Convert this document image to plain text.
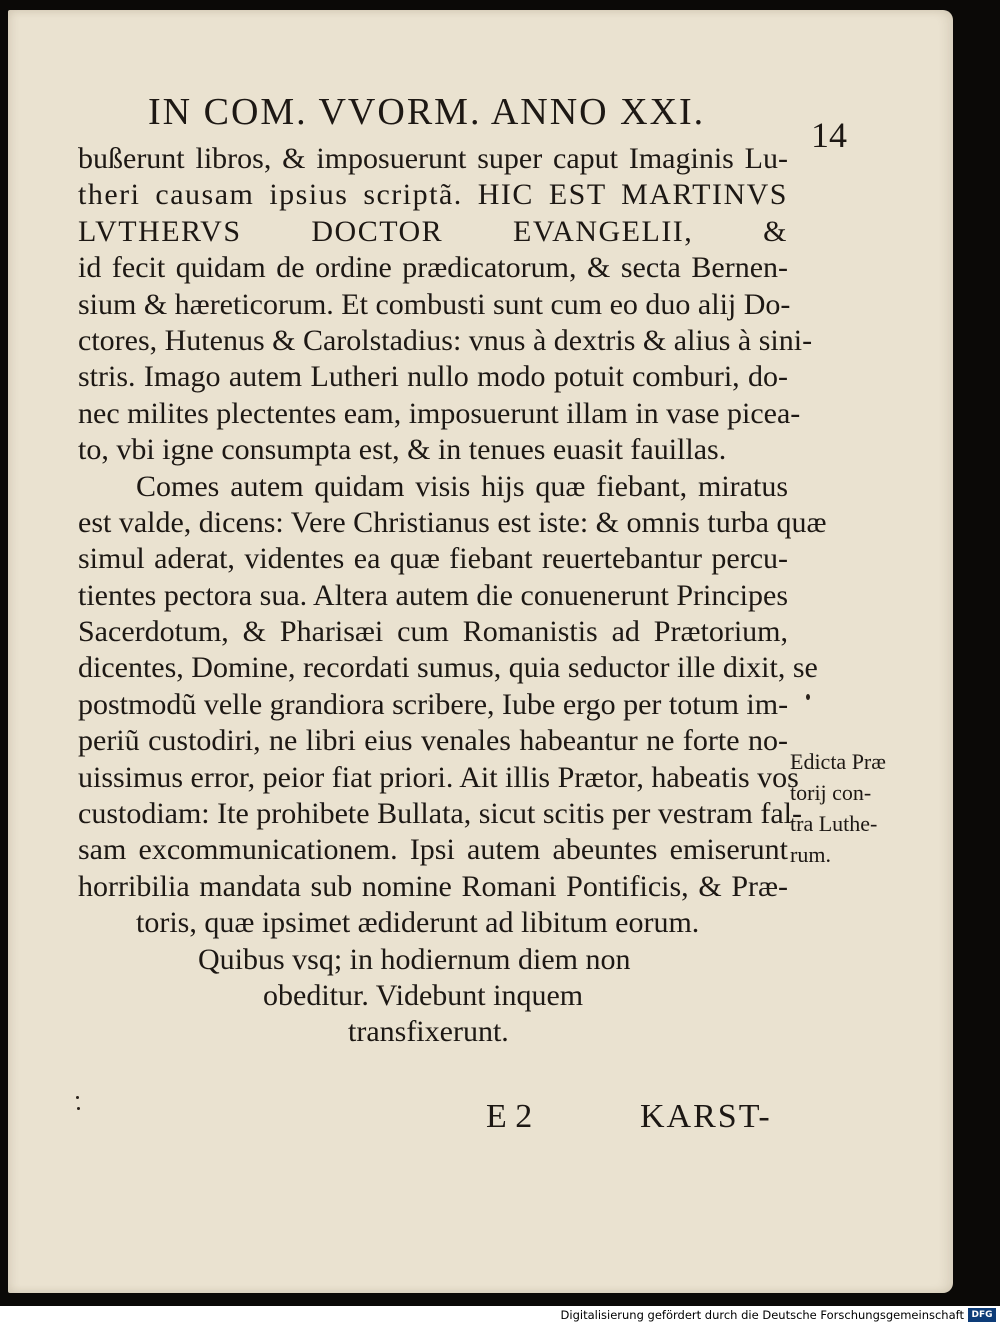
IN COM. VVORM. ANNO XXI.
14
bußerunt libros, & imposuerunt super caput Imaginis Lu-
theri causam ipsius scriptã. HIC EST MARTINVS
LVTHERVS DOCTOR EVANGELII, &
id fecit quidam de ordine prædicatorum, & secta Bernen-
sium & hæreticorum. Et combusti sunt cum eo duo alij Do-
ctores, Hutenus & Carolstadius: vnus à dextris & alius à sini-
stris. Imago autem Lutheri nullo modo potuit comburi, do-
nec milites plectentes eam, imposuerunt illam in vase picea-
to, vbi igne consumpta est, & in tenues euasit fauillas.
Comes autem quidam visis hijs quæ fiebant, miratus
est valde, dicens: Vere Christianus est iste: & omnis turba quæ
simul aderat, videntes ea quæ fiebant reuertebantur percu-
tientes pectora sua. Altera autem die conuenerunt Principes
Sacerdotum, & Pharisæi cum Romanistis ad Prætorium,
dicentes, Domine, recordati sumus, quia seductor ille dixit, se
postmodũ velle grandiora scribere, Iube ergo per totum im-
periũ custodiri, ne libri eius venales habeantur ne forte no-
uissimus error, peior fiat priori. Ait illis Prætor, habeatis vos
custodiam: Ite prohibete Bullata, sicut scitis per vestram fal-
sam excommunicationem. Ipsi autem abeuntes emiserunt
horribilia mandata sub nomine Romani Pontificis, & Præ-
toris, quæ ipsimet ædiderunt ad libitum eorum.
Quibus vsq; in hodiernum diem non
obeditur. Videbunt inquem
transfixerunt.
Edicta Præ
torij con-
tra Luthe-
rum.
E 2	KARST-
Digitalisierung gefördert durch die Deutsche Forschungsgemeinschaft DFG
